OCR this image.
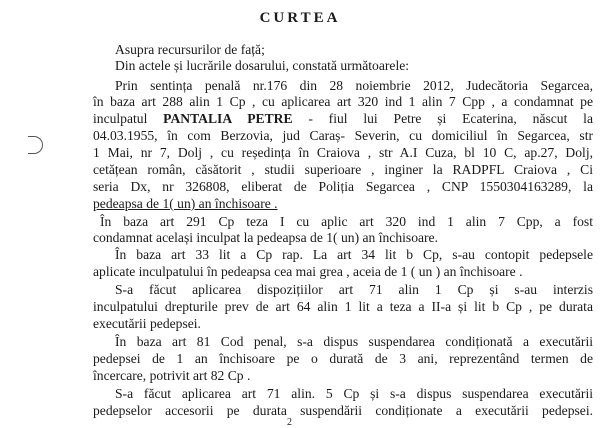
CURTEA
Asupra recursurilor de față;
Din actele și lucrările dosarului, constată următoarele:
Prin sentința penală nr.176 din 28 noiembrie 2012, Judecătoria Segarcea,
în baza art 288 alin 1 Cp , cu aplicarea art 320 ind 1 alin 7 Cpp , a condamnat pe
inculpatul PANTALIA PETRE - fiul lui Petre și Ecaterina, născut la
04.03.1955, în com Berzovia, jud Caraș- Severin, cu domiciliul în Segarcea, str
1 Mai, nr 7, Dolj , cu reședința în Craiova , str A.I Cuza, bl 10 C, ap.27, Dolj,
cetățean român, căsătorit , studii superioare , inginer la RADPFL Craiova , Ci
seria Dx, nr 326808, eliberat de Poliția Segarcea , CNP 1550304163289, la
pedeapsa de 1( un) an închisoare .
În baza art 291 Cp teza I cu aplic art 320 ind 1 alin 7 Cpp, a fost
condamnat același inculpat la pedeapsa de 1( un) an închisoare.
În baza art 33 lit a Cp rap. La art 34 lit b Cp, s-au contopit pedepsele
aplicate inculpatului în pedeapsa cea mai grea , aceia de 1 ( un ) an închisoare .
S-a făcut aplicarea dispozițiilor art 71 alin 1 Cp și s-au interzis
inculpatului drepturile prev de art 64 alin 1 lit a teza a II-a și lit b Cp , pe durata
executării pedepsei.
În baza art 81 Cod penal, s-a dispus suspendarea condiționată a executării
pedepsei de 1 an închisoare pe o durată de 3 ani, reprezentând termen de
încercare, potrivit art 82 Cp .
S-a făcut aplicarea art 71 alin. 5 Cp și s-a dispus suspendarea executării
pedepselor accesorii pe durata suspendării condiționate a executării pedepsei.
2
